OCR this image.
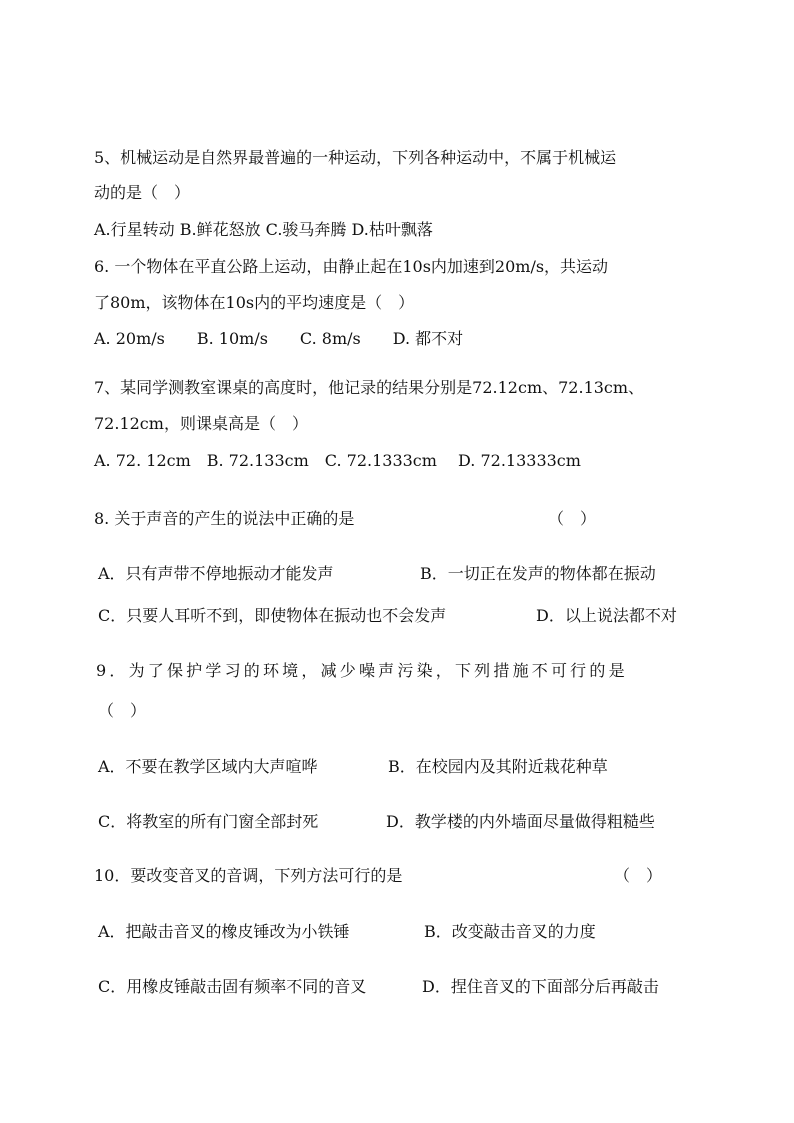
5、机械运动是自然界最普遍的一种运动，下列各种运动中，不属于机械运
动的是（　）
A.行星转动 B.鲜花怒放 C.骏马奔腾 D.枯叶飘落
6. 一个物体在平直公路上运动，由静止起在10s内加速到20m/s，共运动
了80m，该物体在10s内的平均速度是（　）
A. 20m/s　　B. 10m/s　　C. 8m/s　　D. 都不对
7、某同学测教室课桌的高度时，他记录的结果分别是72.12cm、72.13cm、
72.12cm，则课桌高是（　）
A. 72. 12cm　B. 72.133cm　C. 72.1333cm　 D. 72.13333cm
8. 关于声音的产生的说法中正确的是	（　）
A．只有声带不停地振动才能发声	B．一切正在发声的物体都在振动
C．只要人耳听不到，即使物体在振动也不会发声	D．以上说法都不对
9．为了保护学习的环境，减少噪声污染，下列措施不可行的是
（　）
A．不要在教学区域内大声喧哗	B．在校园内及其附近栽花种草
C．将教室的所有门窗全部封死	D．教学楼的内外墙面尽量做得粗糙些
10．要改变音叉的音调，下列方法可行的是	（　）
A．把敲击音叉的橡皮锤改为小铁锤	B．改变敲击音叉的力度
C．用橡皮锤敲击固有频率不同的音叉	D．捏住音叉的下面部分后再敲击
